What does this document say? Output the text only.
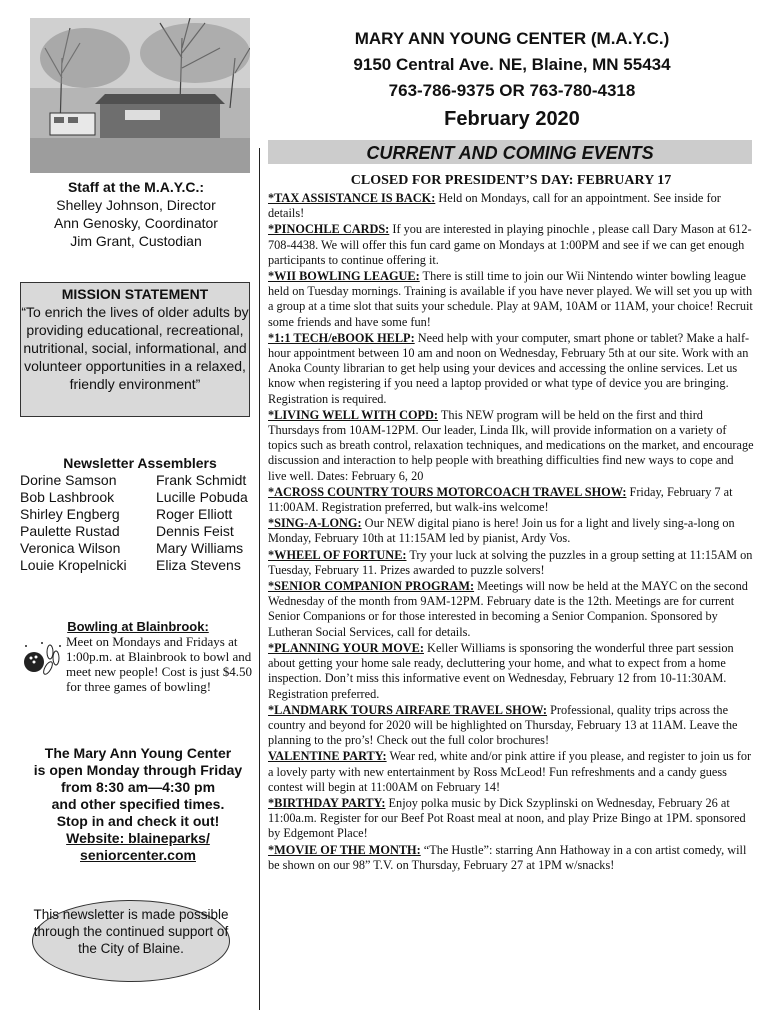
MARY ANN YOUNG CENTER (M.A.Y.C.)
9150 Central Ave. NE, Blaine, MN 55434
763-786-9375 OR 763-780-4318
February 2020
CURRENT AND COMING EVENTS
Staff at the M.A.Y.C.:
Shelley Johnson, Director
Ann Genosky, Coordinator
Jim Grant, Custodian
MISSION STATEMENT
“To enrich the lives of older adults by providing educational, recreational, nutritional, social, informational, and volunteer opportunities in a relaxed, friendly environment”
Newsletter Assemblers
Dorine Samson	Frank Schmidt
Bob Lashbrook	Lucille Pobuda
Shirley Engberg	Roger Elliott
Paulette Rustad	Dennis Feist
Veronica Wilson	Mary Williams
Louie Kropelnicki	Eliza Stevens
Bowling at Blainbrook:
Meet on Mondays and Fridays at 1:00p.m. at Blainbrook to bowl and meet new people! Cost is just $4.50 for three games of bowling!
The Mary Ann Young Center
is open Monday through Friday
from 8:30 am—4:30 pm
and other specified times.
Stop in and check it out!
Website: blaineparks/
seniorcenter.com
This newsletter is made possible through the continued support of the City of Blaine.
CLOSED FOR PRESIDENT’S DAY: FEBRUARY 17
*TAX ASSISTANCE IS BACK: Held on Mondays, call for an appointment. See inside for details!
*PINOCHLE CARDS: If you are interested in playing pinochle , please call Dary Mason at 612-708-4438. We will offer this fun card game on Mondays at 1:00PM and see if we can get enough participants to continue offering it.
*WII BOWLING LEAGUE: There is still time to join our Wii Nintendo winter bowling league held on Tuesday mornings. Training is available if you have never played. We will set you up with a group at a time slot that suits your schedule. Play at 9AM, 10AM or 11AM, your choice! Recruit some friends and have some fun!
*1:1 TECH/eBOOK HELP: Need help with your computer, smart phone or tablet? Make a half-hour appointment between 10 am and noon on Wednesday, February 5th at our site. Work with an Anoka County librarian to get help using your devices and accessing the online services. Let us know when registering if you need a laptop provided or what type of device you are bringing. Registration is required.
*LIVING WELL WITH COPD: This NEW program will be held on the first and third Thursdays from 10AM-12PM. Our leader, Linda Ilk, will provide information on a variety of topics such as breath control, relaxation techniques, and medications on the market, and encourage discussion and interaction to help people with breathing difficulties find new ways to cope and live well. Dates: February 6, 20
*ACROSS COUNTRY TOURS MOTORCOACH TRAVEL SHOW: Friday, February 7 at 11:00AM. Registration preferred, but walk-ins welcome!
*SING-A-LONG: Our NEW digital piano is here! Join us for a light and lively sing-a-long on Monday, February 10th at 11:15AM led by pianist, Ardy Vos.
*WHEEL OF FORTUNE: Try your luck at solving the puzzles in a group setting at 11:15AM on Tuesday, February 11. Prizes awarded to puzzle solvers!
*SENIOR COMPANION PROGRAM: Meetings will now be held at the MAYC on the second Wednesday of the month from 9AM-12PM. February date is the 12th. Meetings are for current Senior Companions or for those interested in becoming a Senior Companion. Sponsored by Lutheran Social Services, call for details.
*PLANNING YOUR MOVE: Keller Williams is sponsoring the wonderful three part session about getting your home sale ready, decluttering your home, and what to expect from a home inspection. Don’t miss this informative event on Wednesday, February 12 from 10-11:30AM. Registration preferred.
*LANDMARK TOURS AIRFARE TRAVEL SHOW: Professional, quality trips across the country and beyond for 2020 will be highlighted on Thursday, February 13 at 11AM. Leave the planning to the pro’s! Check out the full color brochures!
VALENTINE PARTY: Wear red, white and/or pink attire if you please, and register to join us for a lovely party with new entertainment by Ross McLeod! Fun refreshments and a candy guess contest will begin at 11:00AM on February 14!
*BIRTHDAY PARTY: Enjoy polka music by Dick Szyplinski on Wednesday, February 26 at 11:00a.m. Register for our Beef Pot Roast meal at noon, and play Prize Bingo at 1PM. sponsored by Edgemont Place!
*MOVIE OF THE MONTH: “The Hustle”: starring Ann Hathoway in a con artist comedy, will be shown on our 98” T.V. on Thursday, February 27 at 1PM w/snacks!
